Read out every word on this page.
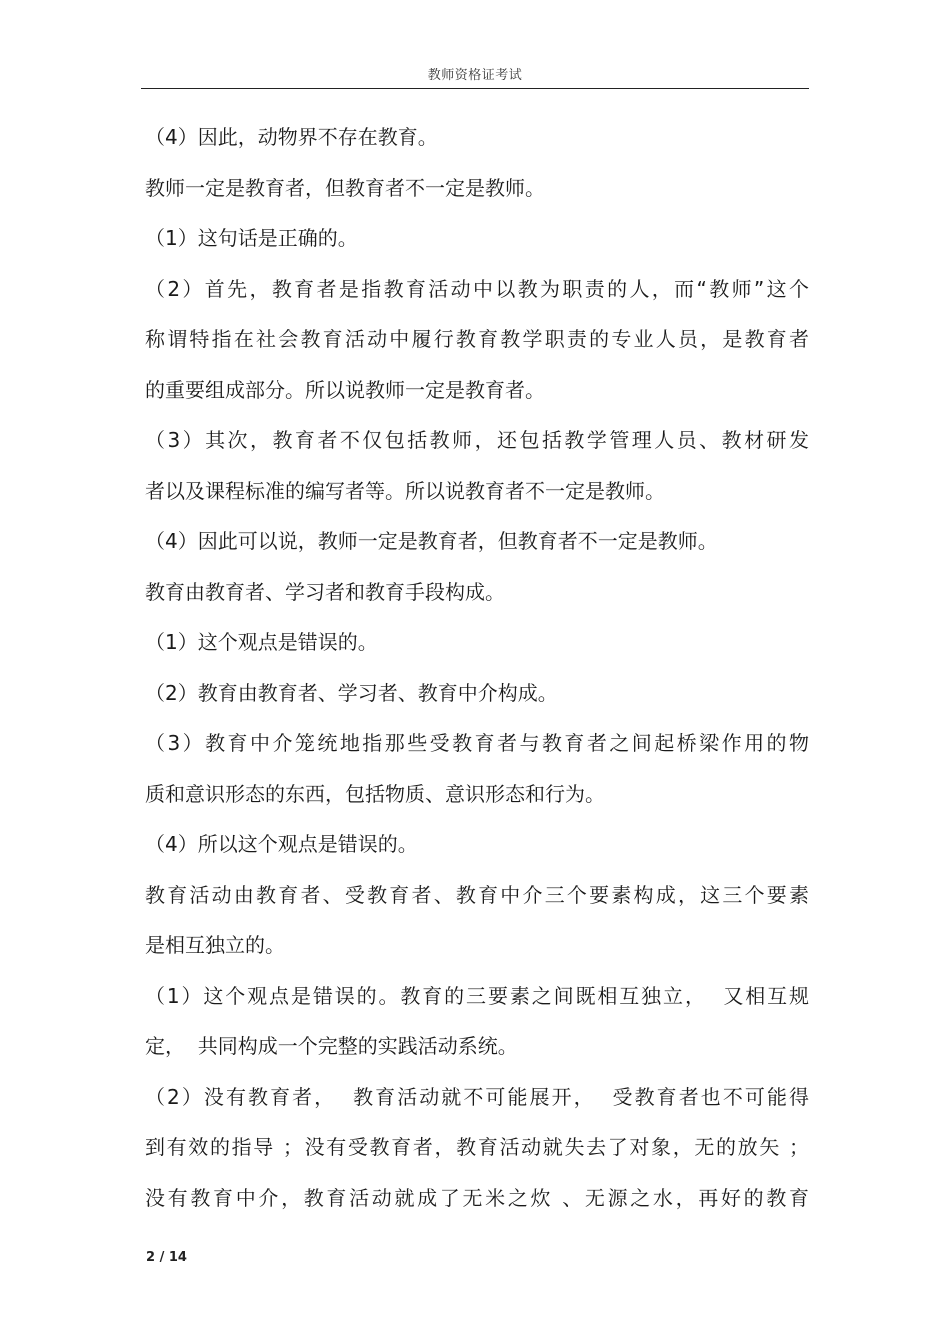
教师资格证考试
（4）因此，动物界不存在教育。
教师一定是教育者，但教育者不一定是教师。
（1）这句话是正确的。
（2）首先，教育者是指教育活动中以教为职责的人，而“教师”这个
称谓特指在社会教育活动中履行教育教学职责的专业人员，是教育者
的重要组成部分。所以说教师一定是教育者。
（3）其次，教育者不仅包括教师，还包括教学管理人员、教材研发
者以及课程标准的编写者等。所以说教育者不一定是教师。
（4）因此可以说，教师一定是教育者，但教育者不一定是教师。
教育由教育者、学习者和教育手段构成。
（1）这个观点是错误的。
（2）教育由教育者、学习者、教育中介构成。
（3）教育中介笼统地指那些受教育者与教育者之间起桥梁作用的物
质和意识形态的东西，包括物质、意识形态和行为。
（4）所以这个观点是错误的。
教育活动由教育者、受教育者、教育中介三个要素构成，这三个要素
是相互独立的。
（1）这个观点是错误的。教育的三要素之间既相互独立，  又相互规
定，  共同构成一个完整的实践活动系统。
（2）没有教育者，  教育活动就不可能展开，  受教育者也不可能得
到有效的指导 ；没有受教育者，教育活动就失去了对象，无的放矢 ；
没有教育中介，教育活动就成了无米之炊 、无源之水，再好的教育
2 / 14
